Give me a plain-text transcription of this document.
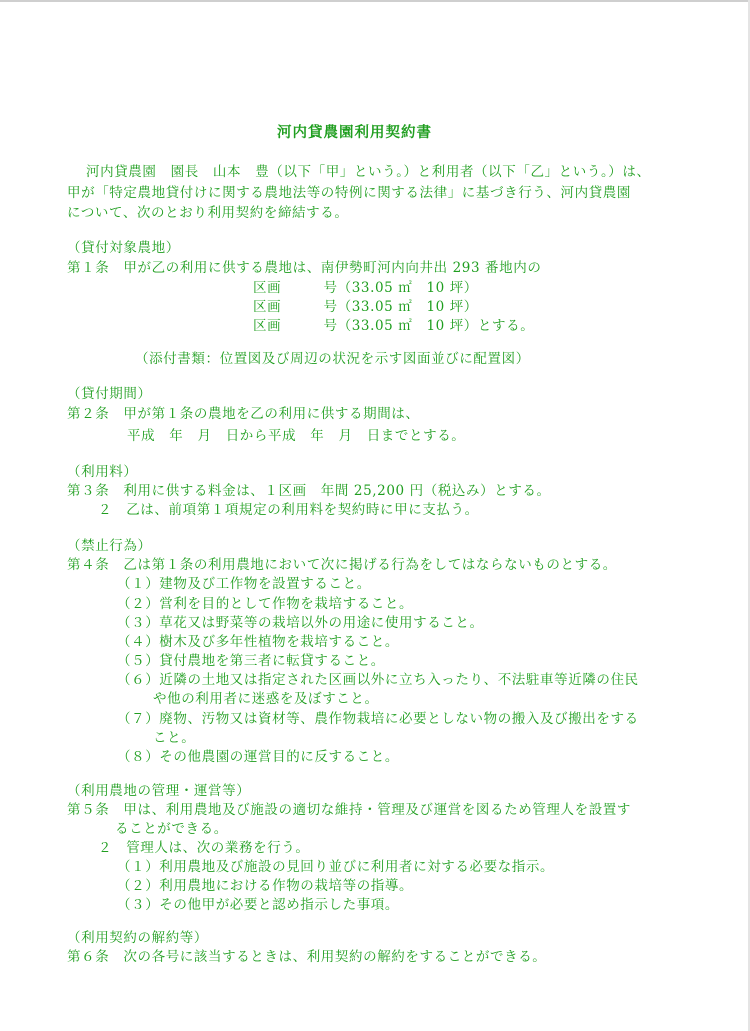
河内貸農園利用契約書
河内貸農園　園長　山本　豊（以下「甲」という。）と利用者（以下「乙」という。）は、
甲が「特定農地貸付けに関する農地法等の特例に関する法律」に基づき行う、河内貸農園
について、次のとおり利用契約を締結する。
（貸付対象農地）
第１条　甲が乙の利用に供する農地は、南伊勢町河内向井出 293 番地内の
区画　　　号（33.05 ㎡　10 坪）
区画　　　号（33.05 ㎡　10 坪）
区画　　　号（33.05 ㎡　10 坪）とする。
（添付書類：位置図及び周辺の状況を示す図面並びに配置図）
（貸付期間）
第２条　甲が第１条の農地を乙の利用に供する期間は、
平成　年　月　日から平成　年　月　日までとする。
（利用料）
第３条　利用に供する料金は、１区画　年間 25,200 円（税込み）とする。
２　乙は、前項第１項規定の利用料を契約時に甲に支払う。
（禁止行為）
第４条　乙は第１条の利用農地において次に掲げる行為をしてはならないものとする。
（１）建物及び工作物を設置すること。
（２）営利を目的として作物を栽培すること。
（３）草花又は野菜等の栽培以外の用途に使用すること。
（４）樹木及び多年性植物を栽培すること。
（５）貸付農地を第三者に転貸すること。
（６）近隣の土地又は指定された区画以外に立ち入ったり、不法駐車等近隣の住民
や他の利用者に迷惑を及ぼすこと。
（７）廃物、汚物又は資材等、農作物栽培に必要としない物の搬入及び搬出をする
こと。
（８）その他農園の運営目的に反すること。
（利用農地の管理・運営等）
第５条　甲は、利用農地及び施設の適切な維持・管理及び運営を図るため管理人を設置す
ることができる。
２　管理人は、次の業務を行う。
（１）利用農地及び施設の見回り並びに利用者に対する必要な指示。
（２）利用農地における作物の栽培等の指導。
（３）その他甲が必要と認め指示した事項。
（利用契約の解約等）
第６条　次の各号に該当するときは、利用契約の解約をすることができる。
